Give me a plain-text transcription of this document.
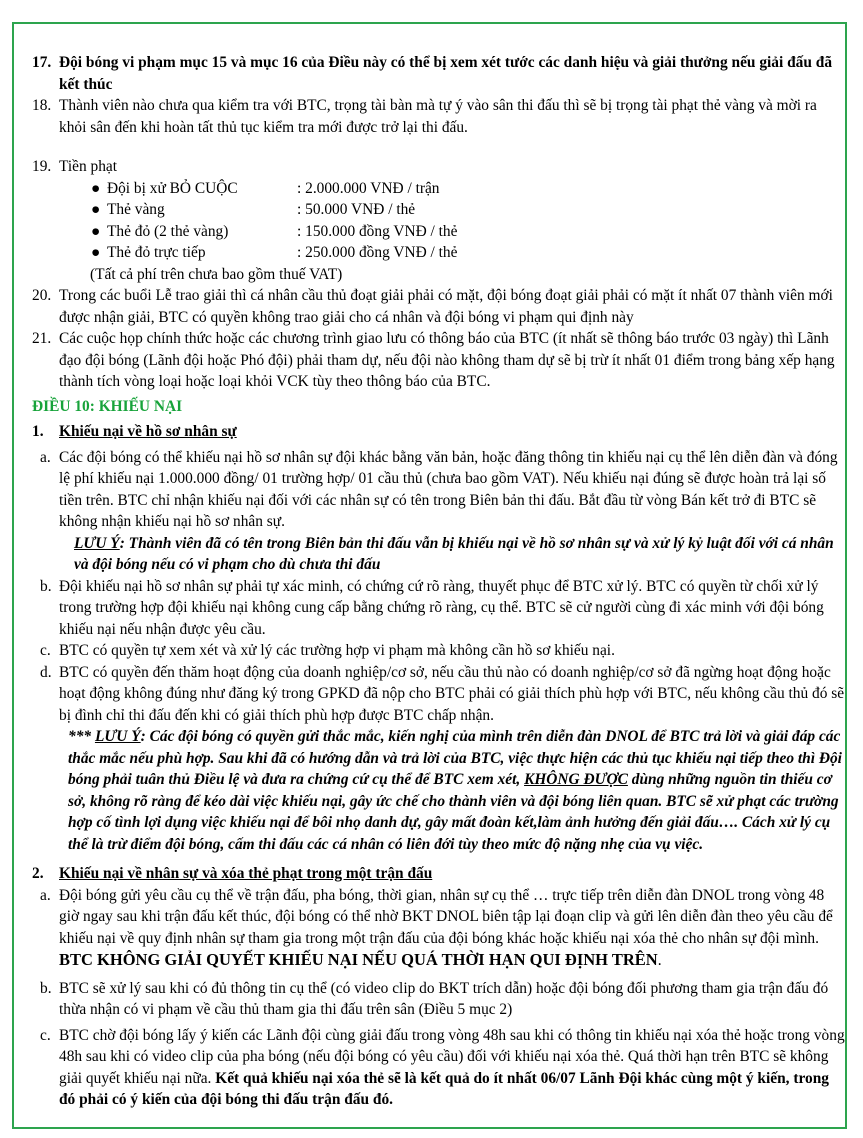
17. Đội bóng vi phạm mục 15 và mục 16 của Điều này có thể bị xem xét tước các danh hiệu và giải thưởng nếu giải đấu đã kết thúc
18. Thành viên nào chưa qua kiểm tra với BTC, trọng tài bàn mà tự ý vào sân thi đấu thì sẽ bị trọng tài phạt thẻ vàng và mời ra khỏi sân đến khi hoàn tất thủ tục kiểm tra mới được trở lại thi đấu.
19. Tiền phạt
● Đội bị xử BỎ CUỘC	: 2.000.000 VNĐ / trận
● Thẻ vàng	: 50.000 VNĐ / thẻ
● Thẻ đỏ (2 thẻ vàng)	: 150.000 đồng VNĐ / thẻ
● Thẻ đỏ trực tiếp	: 250.000 đồng VNĐ / thẻ
(Tất cả phí trên chưa bao gồm thuế VAT)
20. Trong các buổi Lễ trao giải thì cá nhân cầu thủ đoạt giải phải có mặt, đội bóng đoạt giải phải có mặt ít nhất 07 thành viên mới được nhận giải, BTC có quyền không trao giải cho cá nhân và đội bóng vi phạm qui định này
21. Các cuộc họp chính thức hoặc các chương trình giao lưu có thông báo của BTC (ít nhất sẽ thông báo trước 03 ngày) thì Lãnh đạo đội bóng (Lãnh đội hoặc Phó đội) phải tham dự, nếu đội nào không tham dự sẽ bị trừ ít nhất 01 điểm trong bảng xếp hạng thành tích vòng loại hoặc loại khỏi VCK tùy theo thông báo của BTC.
ĐIỀU 10: KHIẾU NẠI
1. Khiếu nại về hồ sơ nhân sự
a. Các đội bóng có thể khiếu nại hồ sơ nhân sự đội khác bằng văn bản, hoặc đăng thông tin khiếu nại cụ thể lên diễn đàn và đóng lệ phí khiếu nại 1.000.000 đồng/ 01 trường hợp/ 01 cầu thủ (chưa bao gồm VAT). Nếu khiếu nại đúng sẽ được hoàn trả lại số tiền trên. BTC chỉ nhận khiếu nại đối với các nhân sự có tên trong Biên bản thi đấu. Bắt đầu từ vòng Bán kết trở đi BTC sẽ không nhận khiếu nại hồ sơ nhân sự.
LƯU Ý: Thành viên đã có tên trong Biên bản thi đấu vẫn bị khiếu nại về hồ sơ nhân sự và xử lý kỷ luật đối với cá nhân và đội bóng nếu có vi phạm cho dù chưa thi đấu
b. Đội khiếu nại hồ sơ nhân sự phải tự xác minh, có chứng cứ rõ ràng, thuyết phục để BTC xử lý. BTC có quyền từ chối xử lý trong trường hợp đội khiếu nại không cung cấp bằng chứng rõ ràng, cụ thể. BTC sẽ cử người cùng đi xác minh với đội bóng khiếu nại nếu nhận được yêu cầu.
c. BTC có quyền tự xem xét và xử lý các trường hợp vi phạm mà không cần hồ sơ khiếu nại.
d. BTC có quyền đến thăm hoạt động của doanh nghiệp/cơ sở, nếu cầu thủ nào có doanh nghiệp/cơ sở đã ngừng hoạt động hoặc hoạt động không đúng như đăng ký trong GPKD đã nộp cho BTC phải có giải thích phù hợp với BTC, nếu không cầu thủ đó sẽ bị đình chỉ thi đấu đến khi có giải thích phù hợp được BTC chấp nhận.
*** LƯU Ý: Các đội bóng có quyền gửi thắc mắc, kiến nghị của mình trên diễn đàn DNOL để BTC trả lời và giải đáp các thắc mắc nếu phù hợp. Sau khi đã có hướng dẫn và trả lời của BTC, việc thực hiện các thủ tục khiếu nại tiếp theo thì Đội bóng phải tuân thủ Điều lệ và đưa ra chứng cứ cụ thể để BTC xem xét, KHÔNG ĐƯỢC dùng những nguồn tin thiếu cơ sở, không rõ ràng để kéo dài việc khiếu nại, gây ức chế cho thành viên và đội bóng liên quan. BTC sẽ xử phạt các trường hợp cố tình lợi dụng việc khiếu nại để bôi nhọ danh dự, gây mất đoàn kết,làm ảnh hưởng đến giải đấu…. Cách xử lý cụ thể là trừ điểm đội bóng, cấm thi đấu các cá nhân có liên đới tùy theo mức độ nặng nhẹ của vụ việc.
2. Khiếu nại về nhân sự và xóa thẻ phạt trong một trận đấu
a. Đội bóng gửi yêu cầu cụ thể về trận đấu, pha bóng, thời gian, nhân sự cụ thể … trực tiếp trên diễn đàn DNOL trong vòng 48 giờ ngay sau khi trận đấu kết thúc, đội bóng có thể nhờ BKT DNOL biên tập lại đoạn clip và gửi lên diễn đàn theo yêu cầu để khiếu nại về quy định nhân sự tham gia trong một trận đấu của đội bóng khác hoặc khiếu nại xóa thẻ cho nhân sự đội mình. BTC KHÔNG GIẢI QUYẾT KHIẾU NẠI NẾU QUÁ THỜI HẠN QUI ĐỊNH TRÊN.
b. BTC sẽ xử lý sau khi có đủ thông tin cụ thể (có video clip do BKT trích dẫn) hoặc đội bóng đối phương tham gia trận đấu đó thừa nhận có vi phạm về cầu thủ tham gia thi đấu trên sân (Điều 5 mục 2)
c. BTC chờ đội bóng lấy ý kiến các Lãnh đội cùng giải đấu trong vòng 48h sau khi có thông tin khiếu nại xóa thẻ hoặc trong vòng 48h sau khi có video clip của pha bóng (nếu đội bóng có yêu cầu) đối với khiếu nại xóa thẻ. Quá thời hạn trên BTC sẽ không giải quyết khiếu nại nữa. Kết quả khiếu nại xóa thẻ sẽ là kết quả do ít nhất 06/07 Lãnh Đội khác cùng một ý kiến, trong đó phải có ý kiến của đội bóng thi đấu trận đấu đó.
